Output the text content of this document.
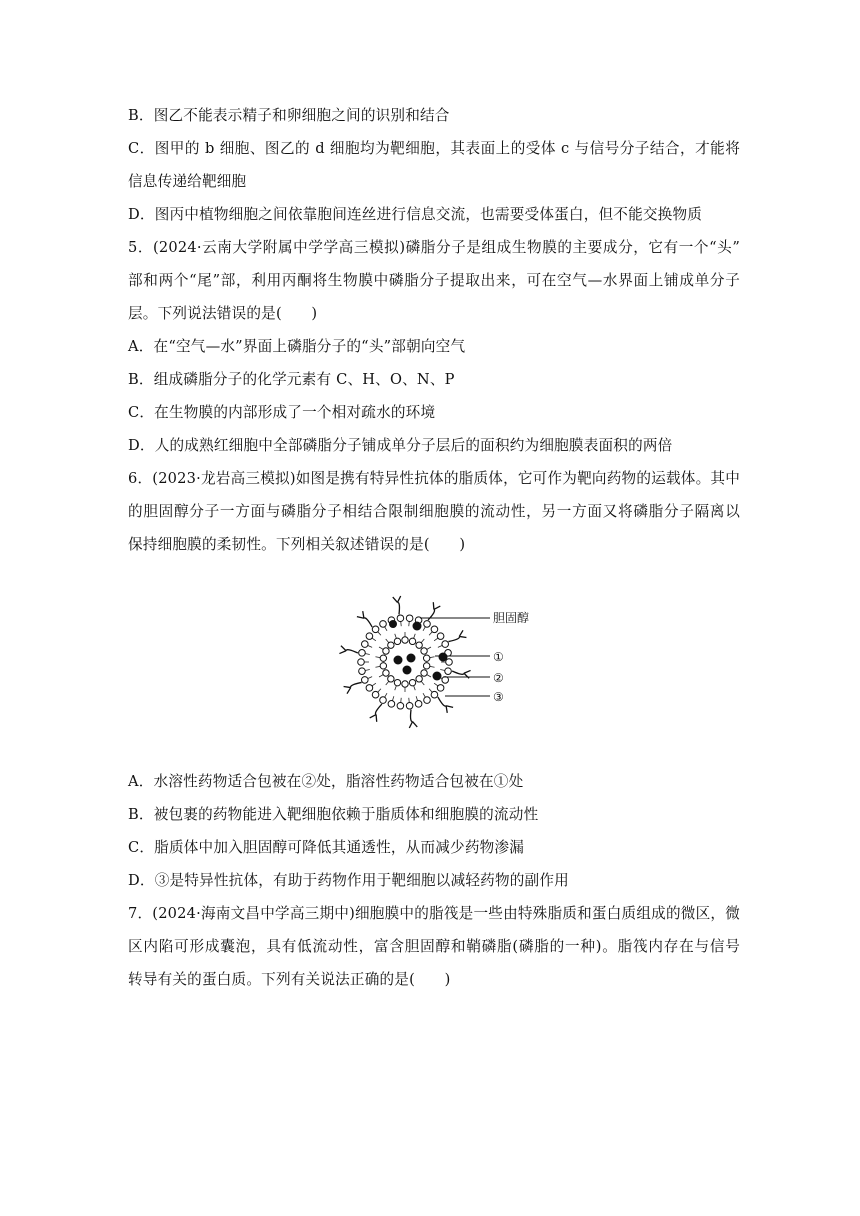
B．图乙不能表示精子和卵细胞之间的识别和结合
C．图甲的 b 细胞、图乙的 d 细胞均为靶细胞，其表面上的受体 c 与信号分子结合，才能将
信息传递给靶细胞
D．图丙中植物细胞之间依靠胞间连丝进行信息交流，也需要受体蛋白，但不能交换物质
5．(2024·云南大学附属中学学高三模拟)磷脂分子是组成生物膜的主要成分，它有一个“头”
部和两个“尾”部，利用丙酮将生物膜中磷脂分子提取出来，可在空气—水界面上铺成单分子
层。下列说法错误的是(　　)
A．在“空气—水”界面上磷脂分子的“头”部朝向空气
B．组成磷脂分子的化学元素有 C、H、O、N、P
C．在生物膜的内部形成了一个相对疏水的环境
D．人的成熟红细胞中全部磷脂分子铺成单分子层后的面积约为细胞膜表面积的两倍
6．(2023·龙岩高三模拟)如图是携有特异性抗体的脂质体，它可作为靶向药物的运载体。其中
的胆固醇分子一方面与磷脂分子相结合限制细胞膜的流动性，另一方面又将磷脂分子隔离以
保持细胞膜的柔韧性。下列相关叙述错误的是(　　)
胆固醇
①
②
③
A．水溶性药物适合包被在②处，脂溶性药物适合包被在①处
B．被包裹的药物能进入靶细胞依赖于脂质体和细胞膜的流动性
C．脂质体中加入胆固醇可降低其通透性，从而减少药物渗漏
D．③是特异性抗体，有助于药物作用于靶细胞以减轻药物的副作用
7．(2024·海南文昌中学高三期中)细胞膜中的脂筏是一些由特殊脂质和蛋白质组成的微区，微
区内陷可形成囊泡，具有低流动性，富含胆固醇和鞘磷脂(磷脂的一种)。脂筏内存在与信号
转导有关的蛋白质。下列有关说法正确的是(　　)
